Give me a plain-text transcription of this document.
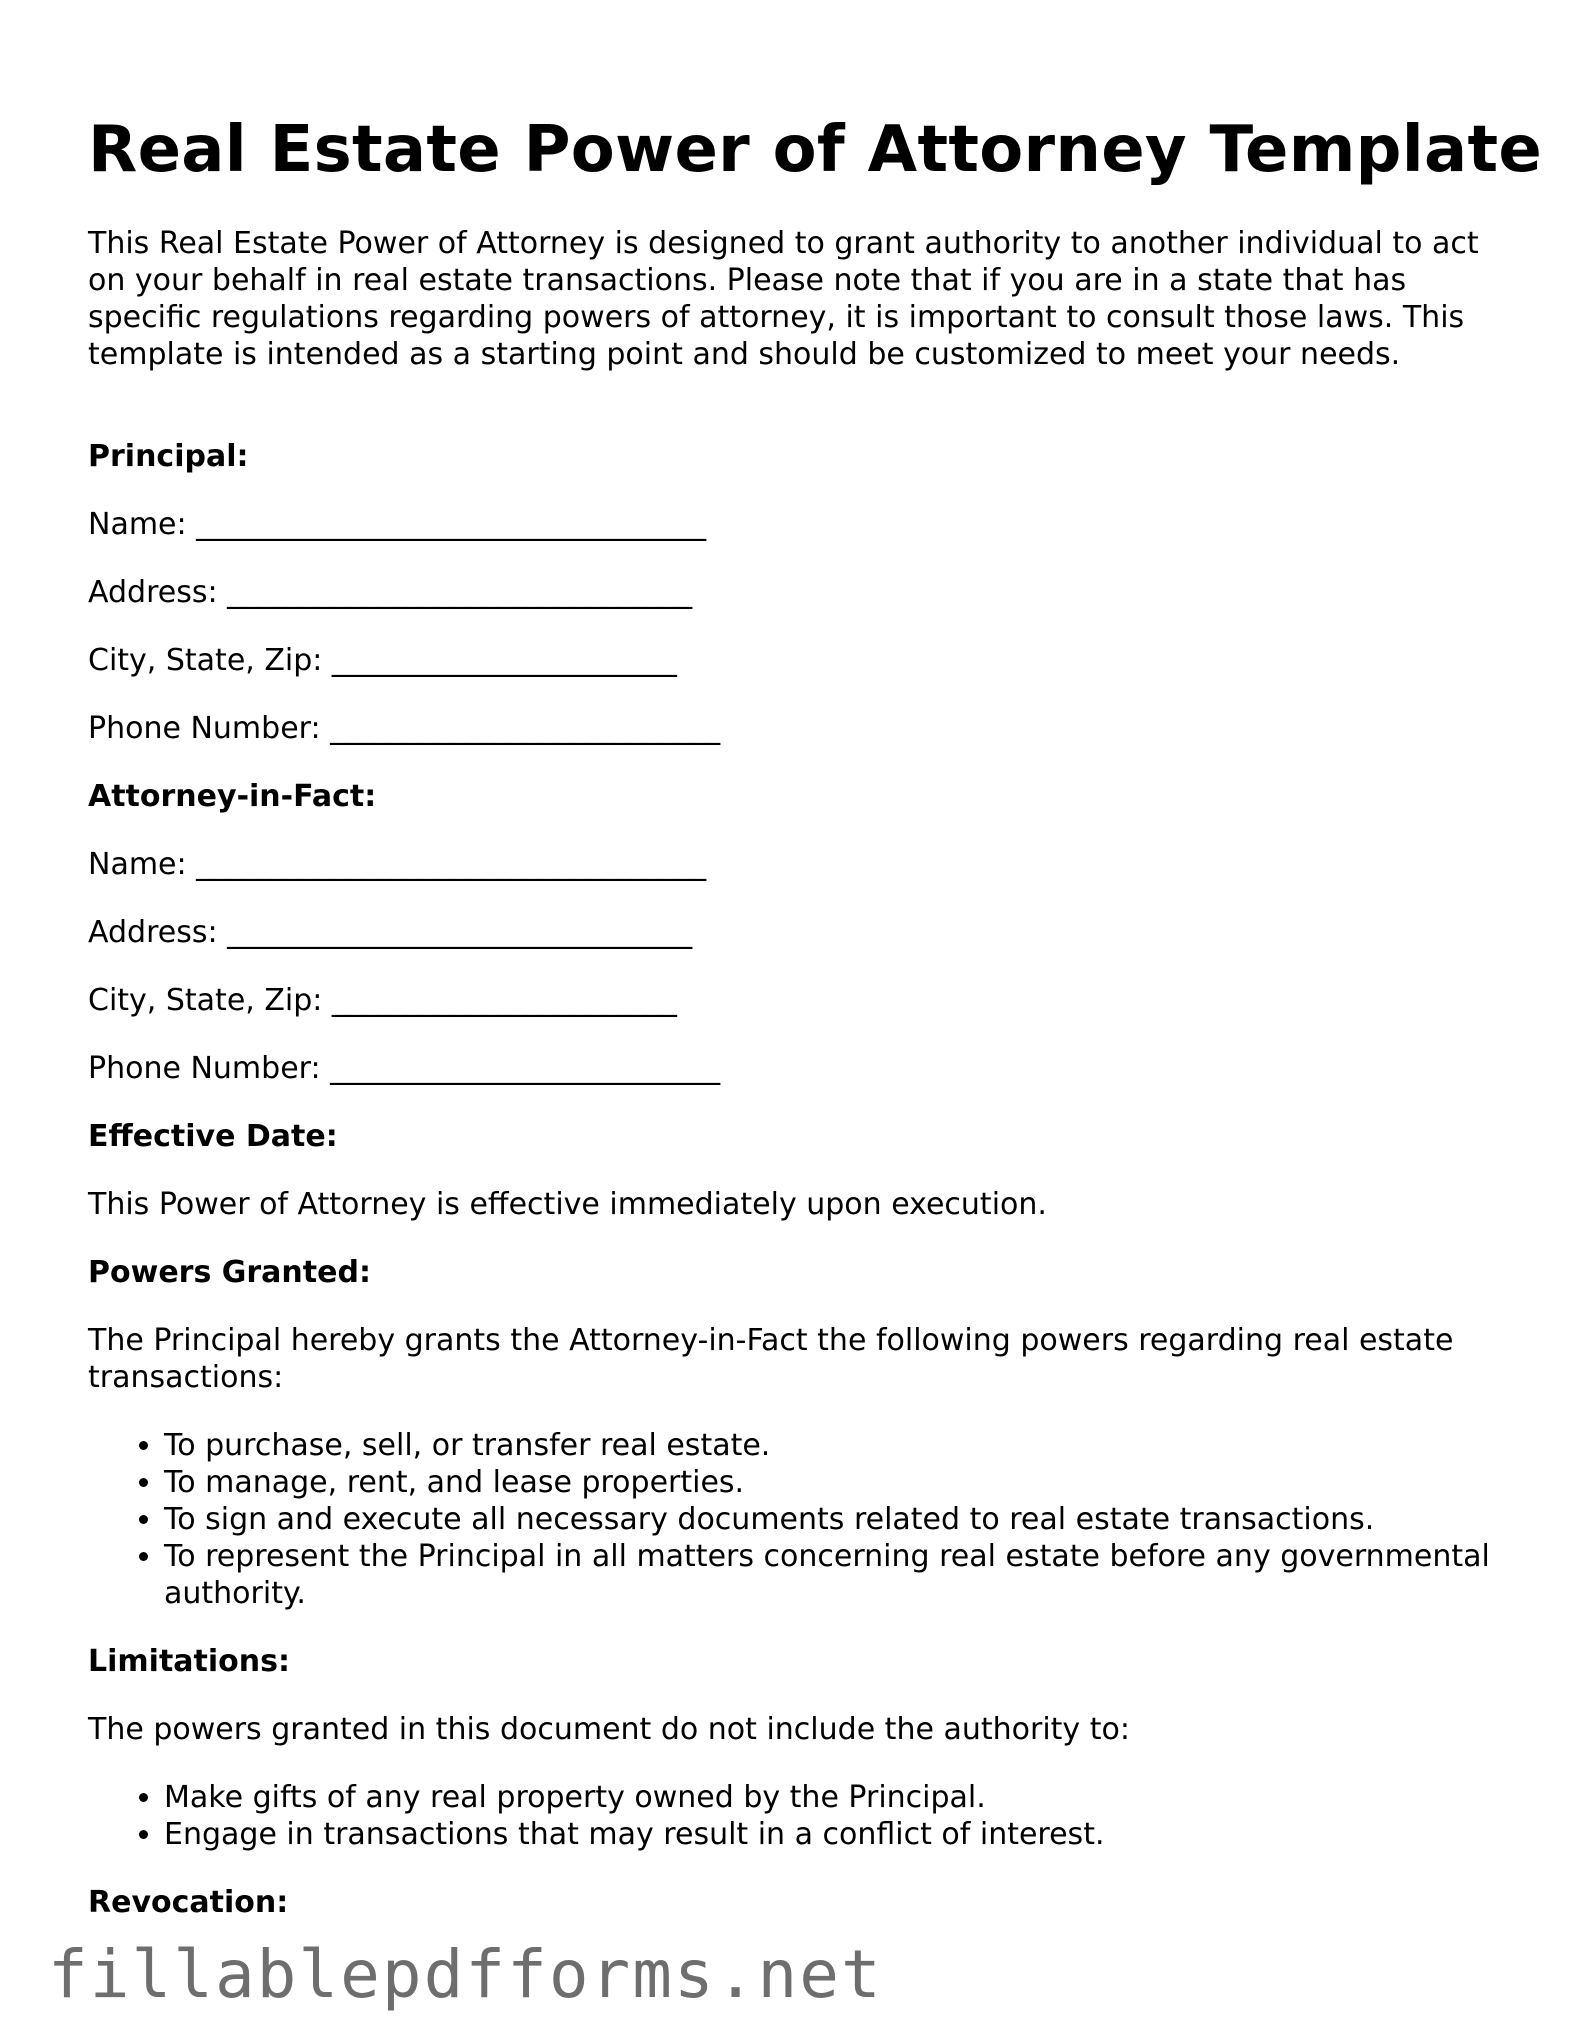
Real Estate Power of Attorney Template

This Real Estate Power of Attorney is designed to grant authority to another individual to act on your behalf in real estate transactions. Please note that if you are in a state that has specific regulations regarding powers of attorney, it is important to consult those laws. This template is intended as a starting point and should be customized to meet your needs.

Principal:
Name: __________________________________
Address: _______________________________
City, State, Zip: _______________________
Phone Number: __________________________
Attorney-in-Fact:
Name: __________________________________
Address: _______________________________
City, State, Zip: _______________________
Phone Number: __________________________
Effective Date:
This Power of Attorney is effective immediately upon execution.
Powers Granted:
The Principal hereby grants the Attorney-in-Fact the following powers regarding real estate transactions:
• To purchase, sell, or transfer real estate.
• To manage, rent, and lease properties.
• To sign and execute all necessary documents related to real estate transactions.
• To represent the Principal in all matters concerning real estate before any governmental authority.
Limitations:
The powers granted in this document do not include the authority to:
• Make gifts of any real property owned by the Principal.
• Engage in transactions that may result in a conflict of interest.
Revocation:
fillablepdfforms.net
